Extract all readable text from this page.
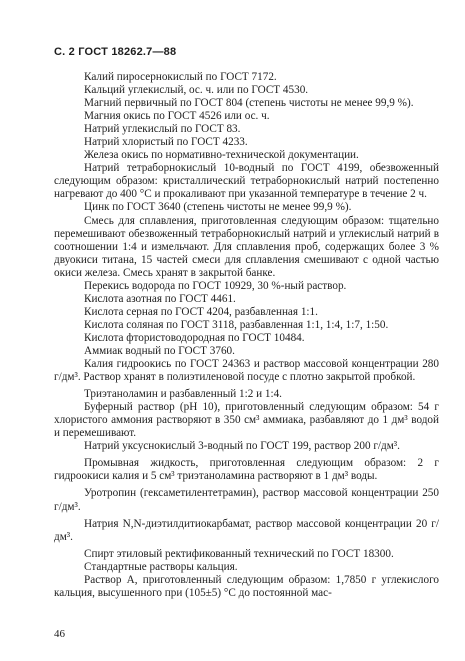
С. 2 ГОСТ 18262.7—88

Калий пиросернокислый по ГОСТ 7172.

Кальций углекислый, ос. ч. или по ГОСТ 4530.

Магний первичный по ГОСТ 804 (степень чистоты не менее 99,9 %).

Магния окись по ГОСТ 4526 или ос. ч.

Натрий углекислый по ГОСТ 83.

Натрий хлористый по ГОСТ 4233.

Железа окись по нормативно-технической документации.

Натрий тетраборнокислый 10-водный по ГОСТ 4199, обезвоженный следующим образом: кристаллический тетраборнокислый натрий постепенно нагревают до 400 °C и прокаливают при указанной температуре в течение 2 ч.

Цинк по ГОСТ 3640 (степень чистоты не менее 99,9 %).

Смесь для сплавления, приготовленная следующим образом: тщательно перемешивают обезвоженный тетраборнокислый натрий и углекислый натрий в соотношении 1:4 и измельчают. Для сплавления проб, содержащих более 3 % двуокиси титана, 15 частей смеси для сплавления смешивают с одной частью окиси железа. Смесь хранят в закрытой банке.

Перекись водорода по ГОСТ 10929, 30 %-ный раствор.

Кислота азотная по ГОСТ 4461.

Кислота серная по ГОСТ 4204, разбавленная 1:1.

Кислота соляная по ГОСТ 3118, разбавленная 1:1, 1:4, 1:7, 1:50.

Кислота фтористоводородная по ГОСТ 10484.

Аммиак водный по ГОСТ 3760.

Калия гидроокись по ГОСТ 24363 и раствор массовой концентрации 280 г/дм³. Раствор хранят в полиэтиленовой посуде с плотно закрытой пробкой.

Триэтаноламин и разбавленный 1:2 и 1:4.

Буферный раствор (рН 10), приготовленный следующим образом: 54 г хлористого аммония растворяют в 350 см³ аммиака, разбавляют до 1 дм³ водой и перемешивают.

Натрий уксуснокислый 3-водный по ГОСТ 199, раствор 200 г/дм³.

Промывная жидкость, приготовленная следующим образом: 2 г гидроокиси калия и 5 см³ триэтаноламина растворяют в 1 дм³ воды.

Уротропин (гексаметилентетрамин), раствор массовой концентрации 250 г/дм³.

Натрия N,N-диэтилдитиокарбамат, раствор массовой концентрации 20 г/дм³.

Спирт этиловый ректификованный технический по ГОСТ 18300.

Стандартные растворы кальция.

Раствор А, приготовленный следующим образом: 1,7850 г углекислого кальция, высушенного при (105±5) °С до постоянной мас-

46
